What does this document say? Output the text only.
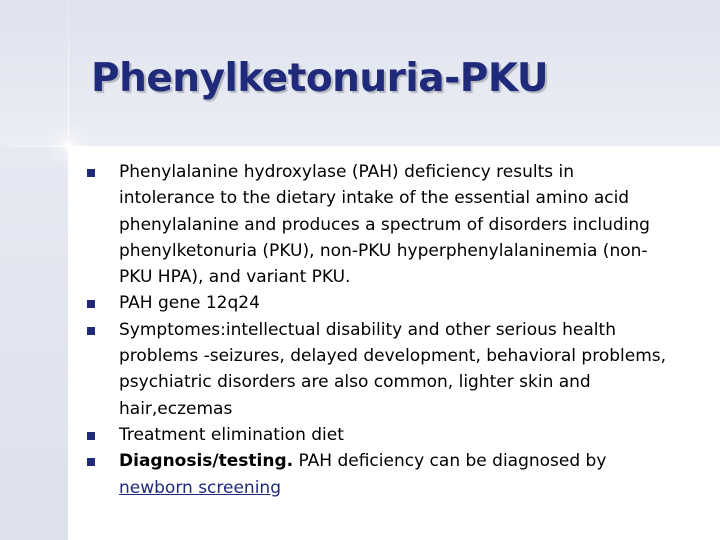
Phenylketonuria-PKU
Phenylalanine hydroxylase (PAH) deficiency results in intolerance to the dietary intake of the essential amino acid phenylalanine and produces a spectrum of disorders including phenylketonuria (PKU), non-PKU hyperphenylalaninemia (non-PKU HPA), and variant PKU.
PAH gene 12q24
Symptomes:intellectual disability and other serious health problems -seizures, delayed development, behavioral problems, psychiatric disorders are also common, lighter skin and hair,eczemas
Treatment elimination diet
Diagnosis/testing. PAH deficiency can be diagnosed by newborn screening
